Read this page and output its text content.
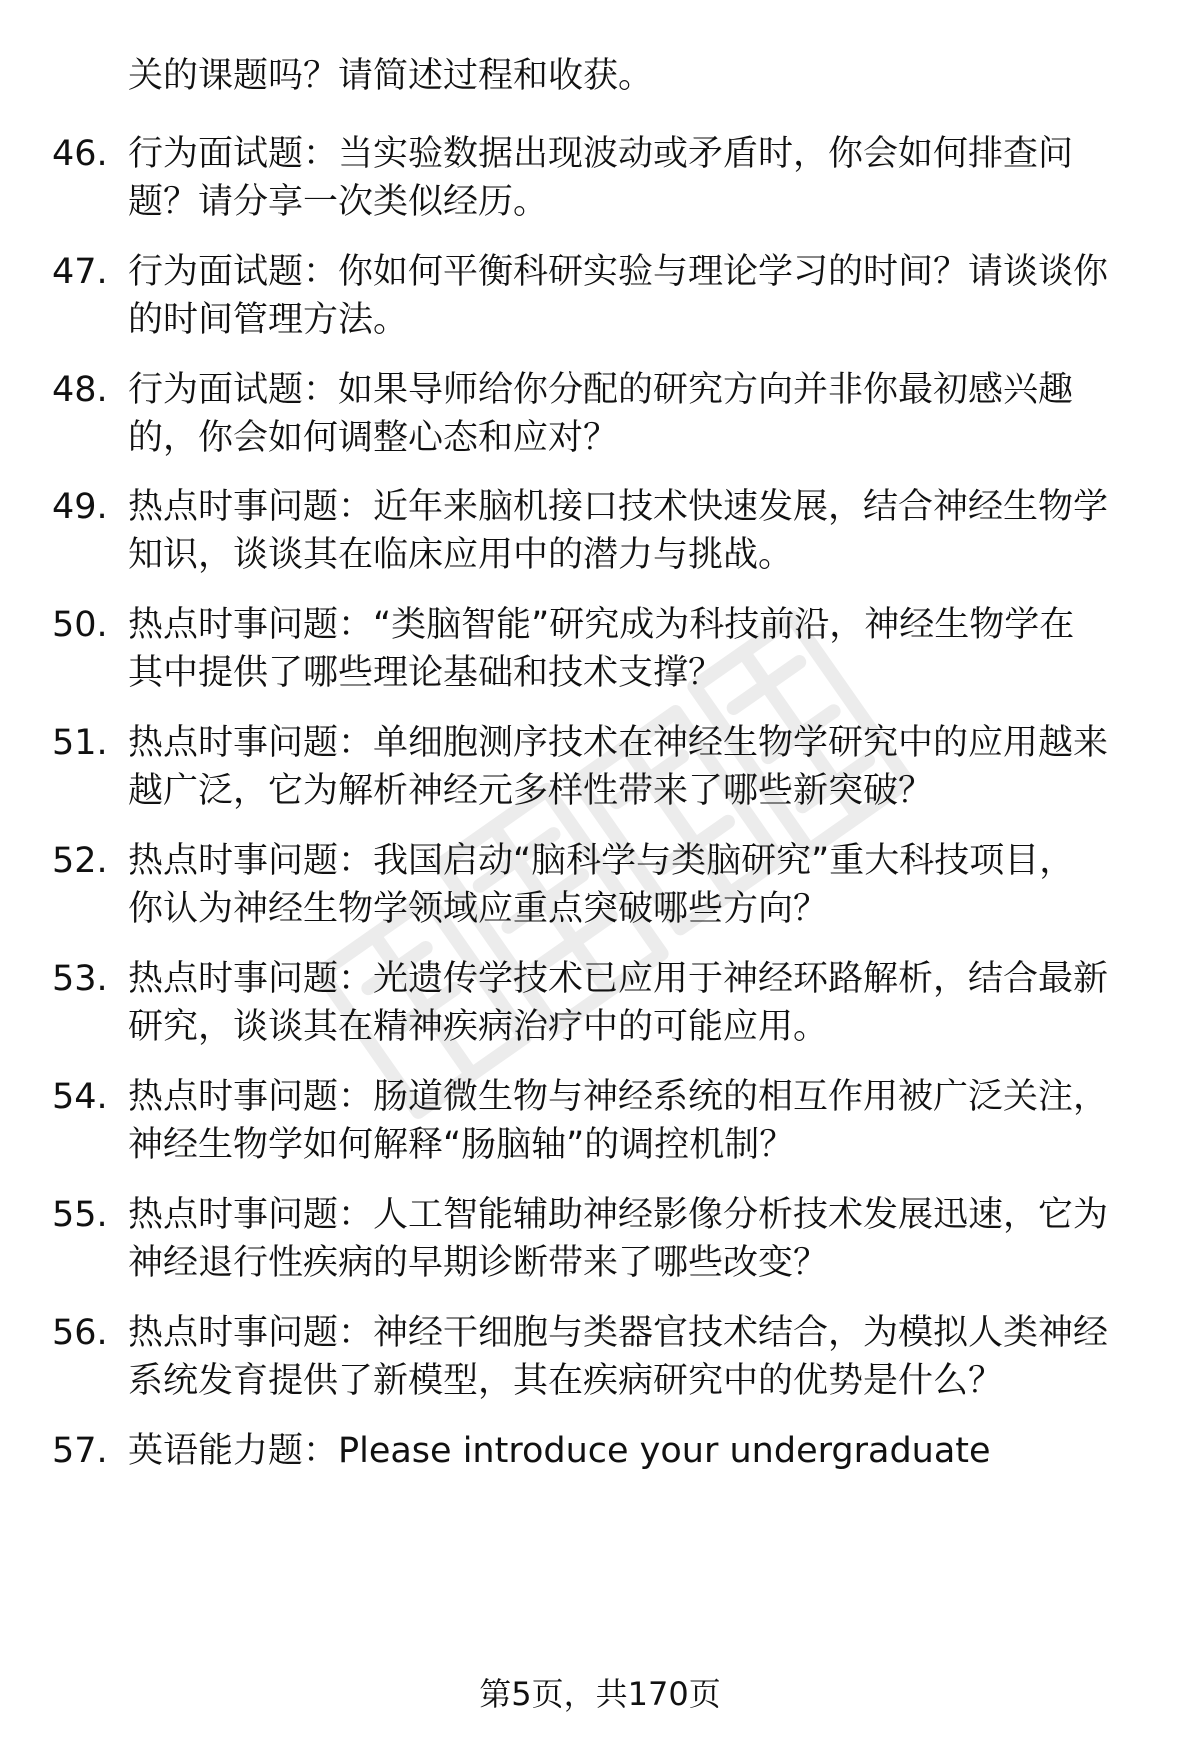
关的课题吗？请简述过程和收获。
46. 行为面试题：当实验数据出现波动或矛盾时，你会如何排查问
题？请分享一次类似经历。
47. 行为面试题：你如何平衡科研实验与理论学习的时间？请谈谈你
的时间管理方法。
48. 行为面试题：如果导师给你分配的研究方向并非你最初感兴趣
的，你会如何调整心态和应对？
49. 热点时事问题：近年来脑机接口技术快速发展，结合神经生物学
知识，谈谈其在临床应用中的潜力与挑战。
50. 热点时事问题：“类脑智能”研究成为科技前沿，神经生物学在
其中提供了哪些理论基础和技术支撑？
51. 热点时事问题：单细胞测序技术在神经生物学研究中的应用越来
越广泛，它为解析神经元多样性带来了哪些新突破？
52. 热点时事问题：我国启动“脑科学与类脑研究”重大科技项目，
你认为神经生物学领域应重点突破哪些方向？
53. 热点时事问题：光遗传学技术已应用于神经环路解析，结合最新
研究，谈谈其在精神疾病治疗中的可能应用。
54. 热点时事问题：肠道微生物与神经系统的相互作用被广泛关注，
神经生物学如何解释“肠脑轴”的调控机制？
55. 热点时事问题：人工智能辅助神经影像分析技术发展迅速，它为
神经退行性疾病的早期诊断带来了哪些改变？
56. 热点时事问题：神经干细胞与类器官技术结合，为模拟人类神经
系统发育提供了新模型，其在疾病研究中的优势是什么？
57. 英语能力题：Please introduce your undergraduate
第5页，共170页
